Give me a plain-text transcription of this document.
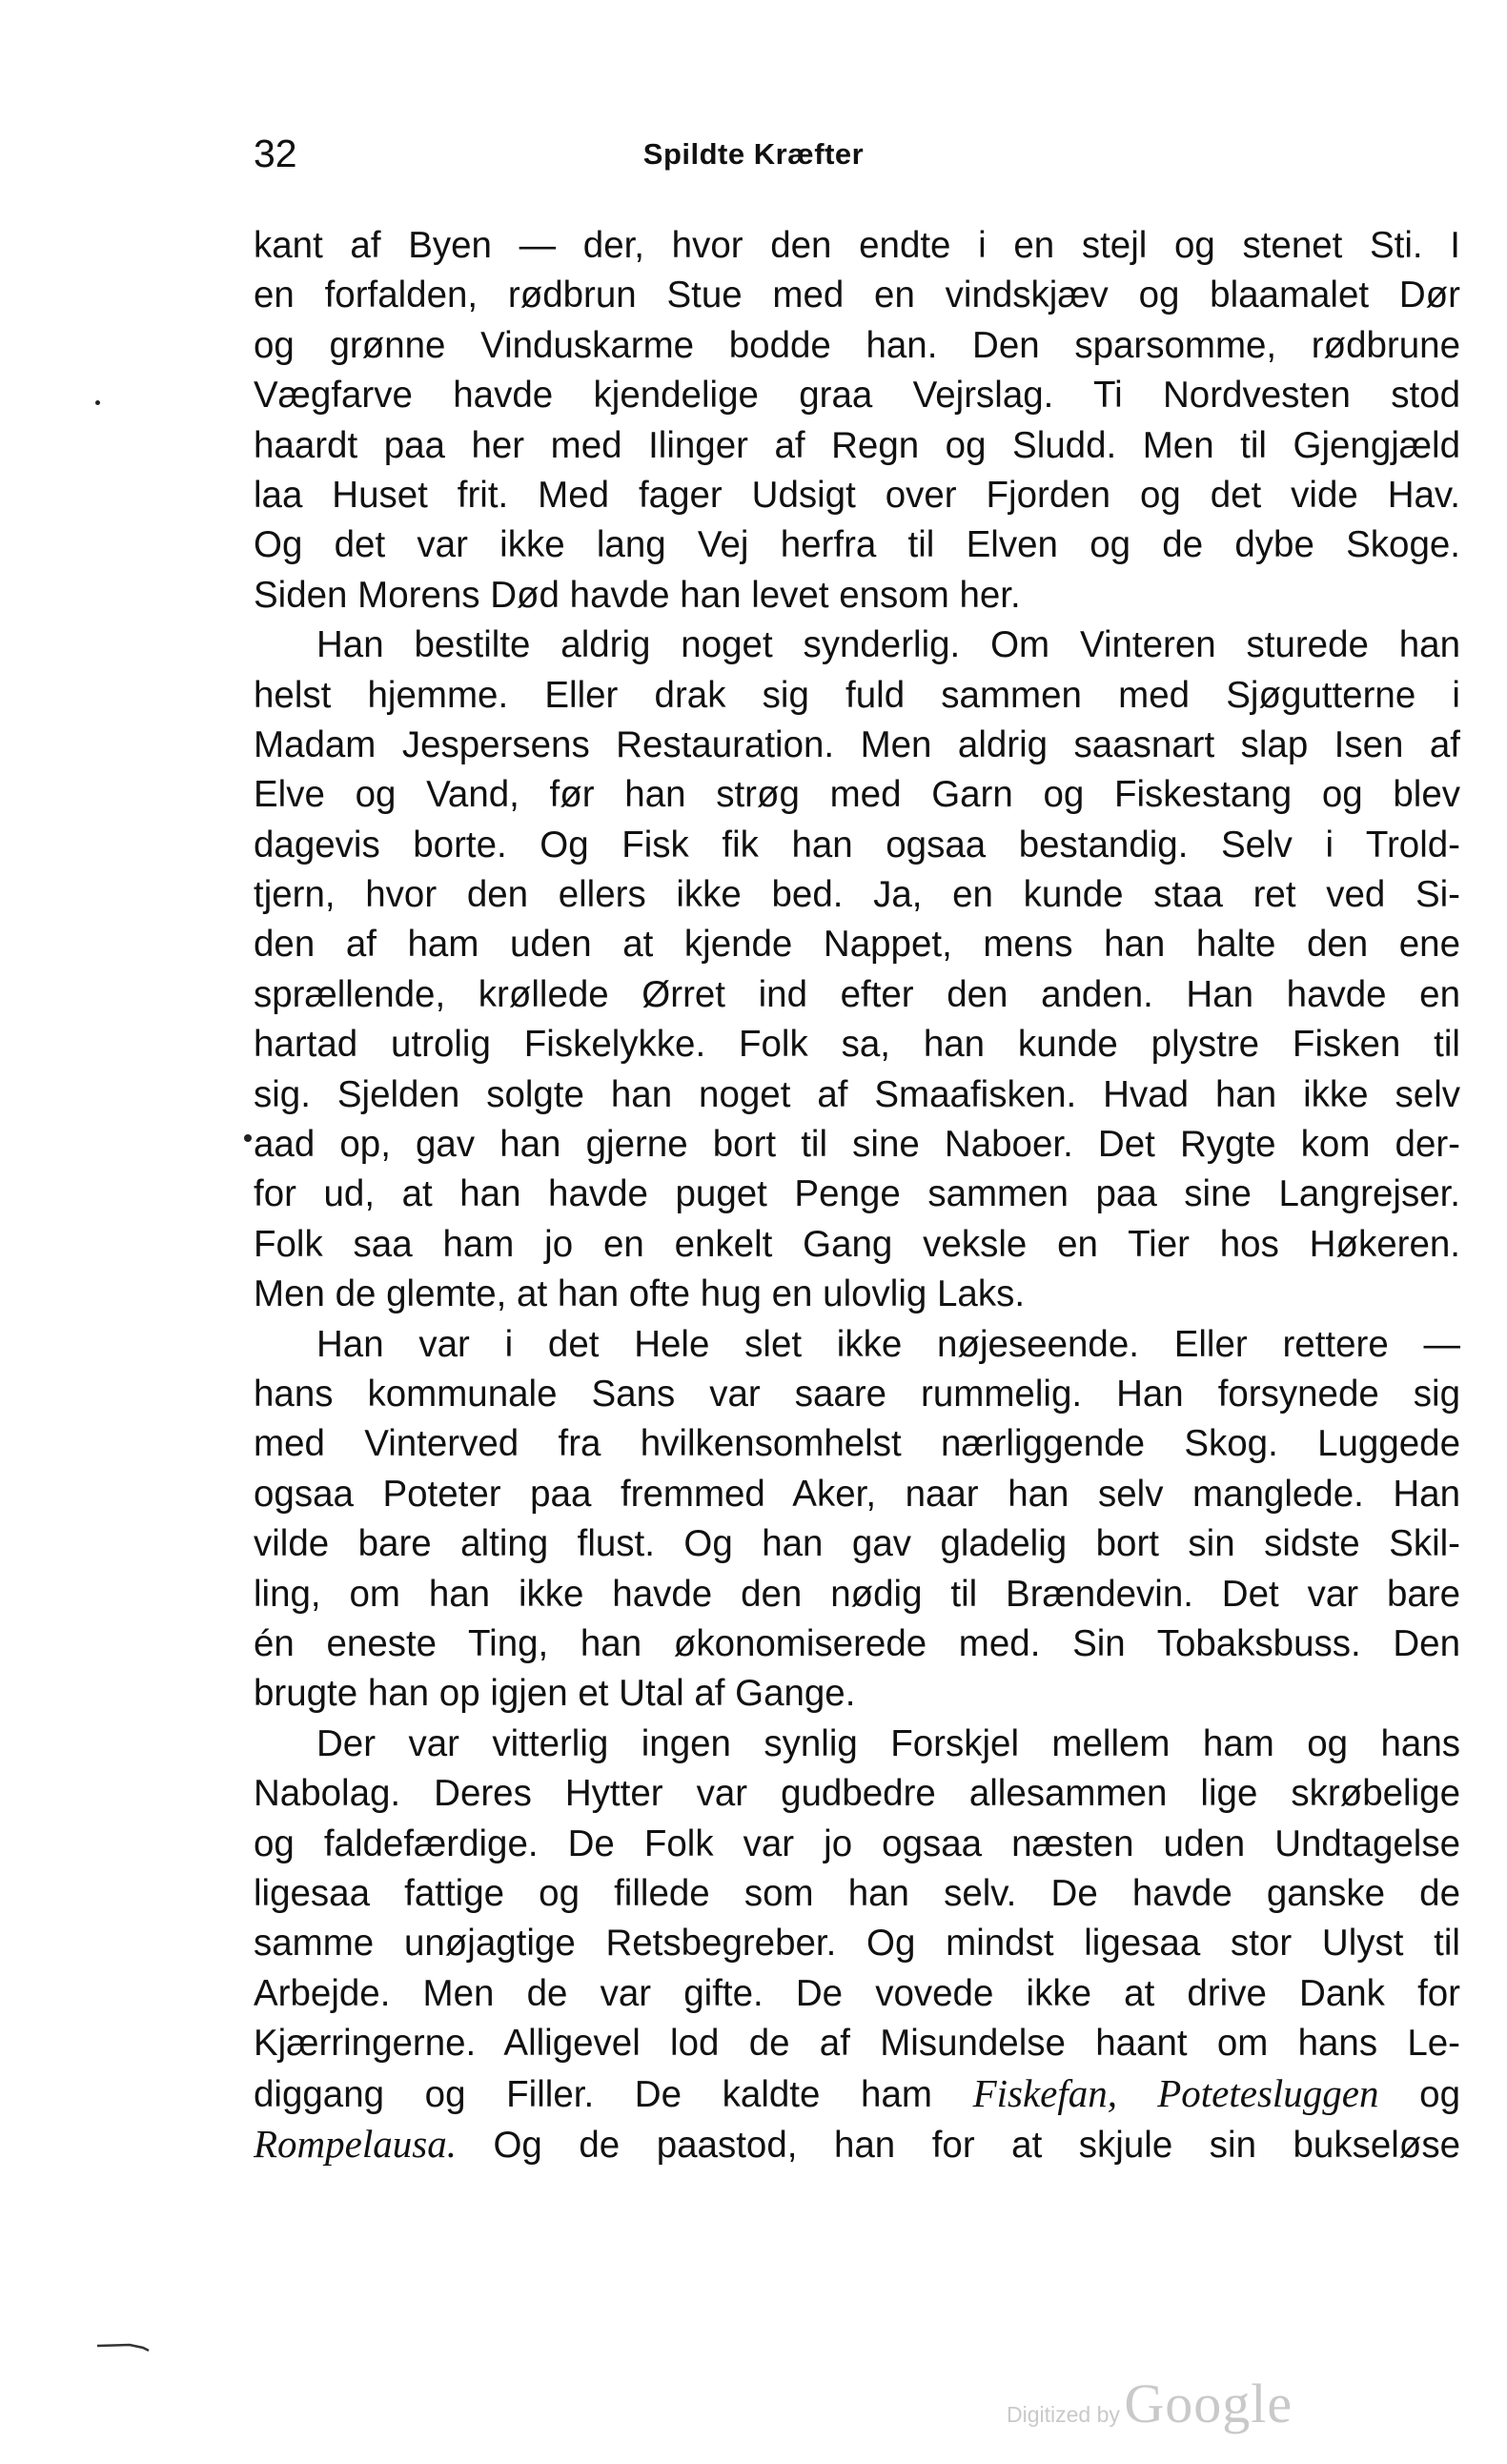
32	Spildte Kræfter
kant af Byen — der, hvor den endte i en stejl og stenet Sti. I
en forfalden, rødbrun Stue med en vindskjæv og blaamalet Dør
og grønne Vinduskarme bodde han. Den sparsomme, rødbrune
Vægfarve havde kjendelige graa Vejrslag. Ti Nordvesten stod
haardt paa her med Ilinger af Regn og Sludd. Men til Gjengjæld
laa Huset frit. Med fager Udsigt over Fjorden og det vide Hav.
Og det var ikke lang Vej herfra til Elven og de dybe Skoge.
Siden Morens Død havde han levet ensom her.
Han bestilte aldrig noget synderlig. Om Vinteren sturede han
helst hjemme. Eller drak sig fuld sammen med Sjøgutterne i
Madam Jespersens Restauration. Men aldrig saasnart slap Isen af
Elve og Vand, før han strøg med Garn og Fiskestang og blev
dagevis borte. Og Fisk fik han ogsaa bestandig. Selv i Trold-
tjern, hvor den ellers ikke bed. Ja, en kunde staa ret ved Si-
den af ham uden at kjende Nappet, mens han halte den ene
sprællende, krøllede Ørret ind efter den anden. Han havde en
hartad utrolig Fiskelykke. Folk sa, han kunde plystre Fisken til
sig. Sjelden solgte han noget af Smaafisken. Hvad han ikke selv
aad op, gav han gjerne bort til sine Naboer. Det Rygte kom der-
for ud, at han havde puget Penge sammen paa sine Langrejser.
Folk saa ham jo en enkelt Gang veksle en Tier hos Høkeren.
Men de glemte, at han ofte hug en ulovlig Laks.
Han var i det Hele slet ikke nøjeseende. Eller rettere —
hans kommunale Sans var saare rummelig. Han forsynede sig
med Vinterved fra hvilkensomhelst nærliggende Skog. Luggede
ogsaa Poteter paa fremmed Aker, naar han selv manglede. Han
vilde bare alting flust. Og han gav gladelig bort sin sidste Skil-
ling, om han ikke havde den nødig til Brændevin. Det var bare
én eneste Ting, han økonomiserede med. Sin Tobaksbuss. Den
brugte han op igjen et Utal af Gange.
Der var vitterlig ingen synlig Forskjel mellem ham og hans
Nabolag. Deres Hytter var gudbedre allesammen lige skrøbelige
og faldefærdige. De Folk var jo ogsaa næsten uden Undtagelse
ligesaa fattige og fillede som han selv. De havde ganske de
samme unøjagtige Retsbegreber. Og mindst ligesaa stor Ulyst til
Arbejde. Men de var gifte. De vovede ikke at drive Dank for
Kjærringerne. Alligevel lod de af Misundelse haant om hans Le-
diggang og Filler. De kaldte ham Fiskefan, Potetesluggen og
Rompelausa. Og de paastod, han for at skjule sin bukseløse
Digitized by Google
